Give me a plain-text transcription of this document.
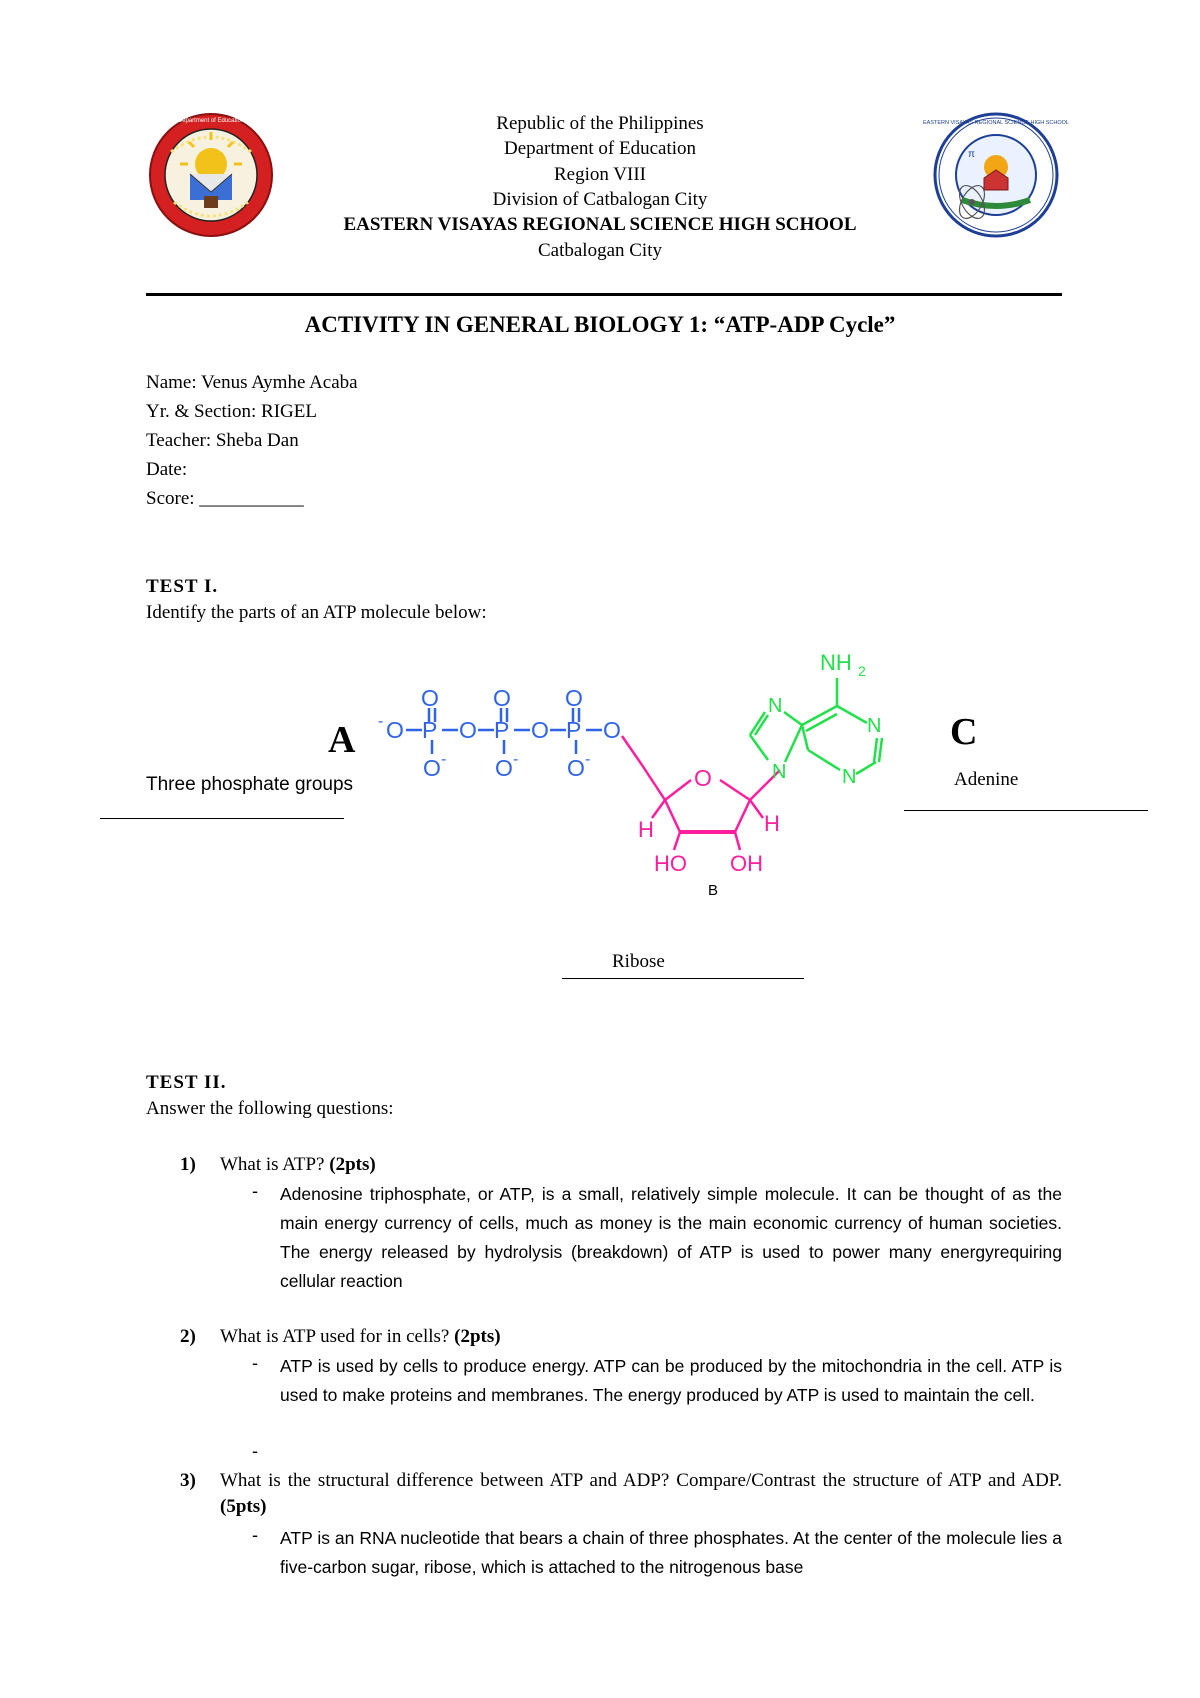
Department of Education
π
EASTERN VISAYAS REGIONAL SCIENCE HIGH SCHOOL
Republic of the Philippines
Department of Education
Region VIII
Division of Catbalogan City
EASTERN VISAYAS REGIONAL SCIENCE HIGH SCHOOL
Catbalogan City
ACTIVITY IN GENERAL BIOLOGY 1: “ATP-ADP Cycle”
Name: Venus Aymhe Acaba
Yr. & Section: RIGEL
Teacher: Sheba Dan
Date:
Score: ___________
TEST I.
Identify the parts of an ATP molecule below:
A	C
B
Three phosphate groups	Adenine
Ribose
- O P
O
O -
O P
O
O -
O P
O
O -
O
O
H	H
HO OH
N
N
NH 2
N
N
TEST II.
Answer the following questions:
1) What is ATP? (2pts)
- Adenosine triphosphate, or ATP, is a small, relatively simple molecule. It can be thought of as the main energy currency of cells, much as money is the main economic currency of human societies. The energy released by hydrolysis (breakdown) of ATP is used to power many energyrequiring cellular reaction
2) What is ATP used for in cells? (2pts)
- ATP is used by cells to produce energy. ATP can be produced by the mitochondria in the cell. ATP is used to make proteins and membranes. The energy produced by ATP is used to maintain the cell.
-
3) What is the structural difference between ATP and ADP? Compare/Contrast the structure of ATP and ADP. (5pts)
- ATP is an RNA nucleotide that bears a chain of three phosphates. At the center of the molecule lies a five-carbon sugar, ribose, which is attached to the nitrogenous base
